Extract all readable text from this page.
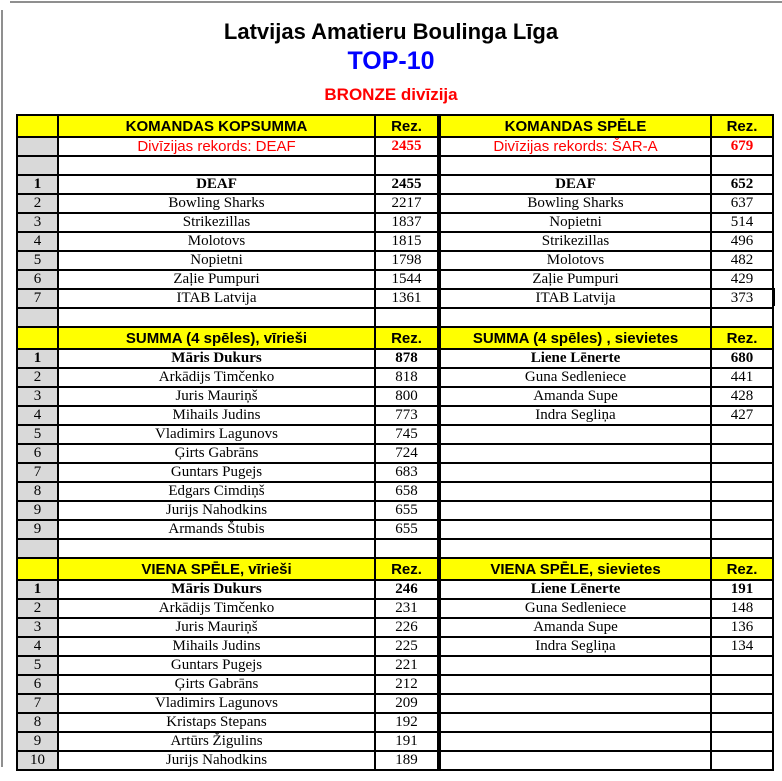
Latvijas Amatieru Boulinga Līga
TOP-10
BRONZE divīzija
	KOMANDAS KOPSUMMA	Rez.	KOMANDAS SPĒLE	Rez.
	Divīzijas rekords: DEAF	2455	Divīzijas rekords: ŠAR-A	679

1	DEAF	2455	DEAF	652
2	Bowling Sharks	2217	Bowling Sharks	637
3	Strikezillas	1837	Nopietni	514
4	Molotovs	1815	Strikezillas	496
5	Nopietni	1798	Molotovs	482
6	Zaļie Pumpuri	1544	Zaļie Pumpuri	429
7	ITAB Latvija	1361	ITAB Latvija	373

	SUMMA (4 spēles), vīrieši	Rez.	SUMMA (4 spēles) , sievietes	Rez.
1	Māris Dukurs	878	Liene Lēnerte	680
2	Arkādijs Timčenko	818	Guna Sedleniece	441
3	Juris Mauriņš	800	Amanda Supe	428
4	Mihails Judins	773	Indra Segliņa	427
5	Vladimirs Lagunovs	745		
6	Ģirts Gabrāns	724		
7	Guntars Pugejs	683		
8	Edgars Cimdiņš	658		
9	Jurijs Nahodkins	655		
9	Armands Štubis	655		

	VIENA SPĒLE, vīrieši	Rez.	VIENA SPĒLE, sievietes	Rez.
1	Māris Dukurs	246	Liene Lēnerte	191
2	Arkādijs Timčenko	231	Guna Sedleniece	148
3	Juris Mauriņš	226	Amanda Supe	136
4	Mihails Judins	225	Indra Segliņa	134
5	Guntars Pugejs	221		
6	Ģirts Gabrāns	212		
7	Vladimirs Lagunovs	209		
8	Kristaps Stepans	192		
9	Artūrs Žigulins	191		
10	Jurijs Nahodkins	189		
